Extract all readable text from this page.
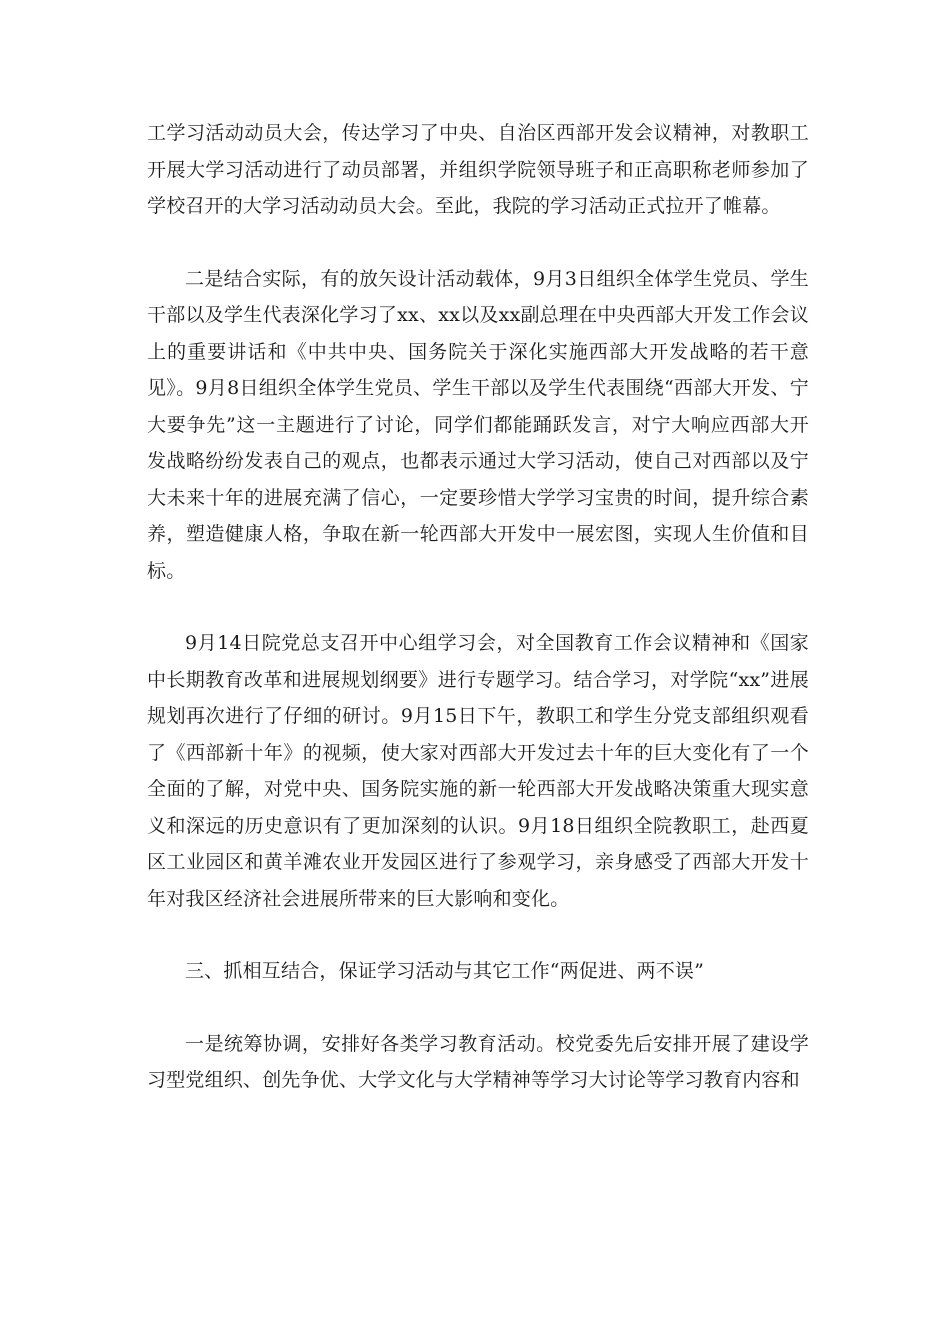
工学习活动动员大会，传达学习了中央、自治区西部开发会议精神，对教职工开展大学习活动进行了动员部署，并组织学院领导班子和正高职称老师参加了学校召开的大学习活动动员大会。至此，我院的学习活动正式拉开了帷幕。

二是结合实际，有的放矢设计活动载体，9月3日组织全体学生党员、学生干部以及学生代表深化学习了xx、xx以及xx副总理在中央西部大开发工作会议上的重要讲话和《中共中央、国务院关于深化实施西部大开发战略的若干意见》。9月8日组织全体学生党员、学生干部以及学生代表围绕“西部大开发、宁大要争先”这一主题进行了讨论，同学们都能踊跃发言，对宁大响应西部大开发战略纷纷发表自己的观点，也都表示通过大学习活动，使自己对西部以及宁大未来十年的进展充满了信心，一定要珍惜大学学习宝贵的时间，提升综合素养，塑造健康人格，争取在新一轮西部大开发中一展宏图，实现人生价值和目标。

9月14日院党总支召开中心组学习会，对全国教育工作会议精神和《国家中长期教育改革和进展规划纲要》进行专题学习。结合学习，对学院“xx”进展规划再次进行了仔细的研讨。9月15日下午，教职工和学生分党支部组织观看了《西部新十年》的视频，使大家对西部大开发过去十年的巨大变化有了一个全面的了解，对党中央、国务院实施的新一轮西部大开发战略决策重大现实意义和深远的历史意识有了更加深刻的认识。9月18日组织全院教职工，赴西夏区工业园区和黄羊滩农业开发园区进行了参观学习，亲身感受了西部大开发十年对我区经济社会进展所带来的巨大影响和变化。

三、抓相互结合，保证学习活动与其它工作“两促进、两不误”

一是统筹协调，安排好各类学习教育活动。校党委先后安排开展了建设学习型党组织、创先争优、大学文化与大学精神等学习大讨论等学习教育内容和
